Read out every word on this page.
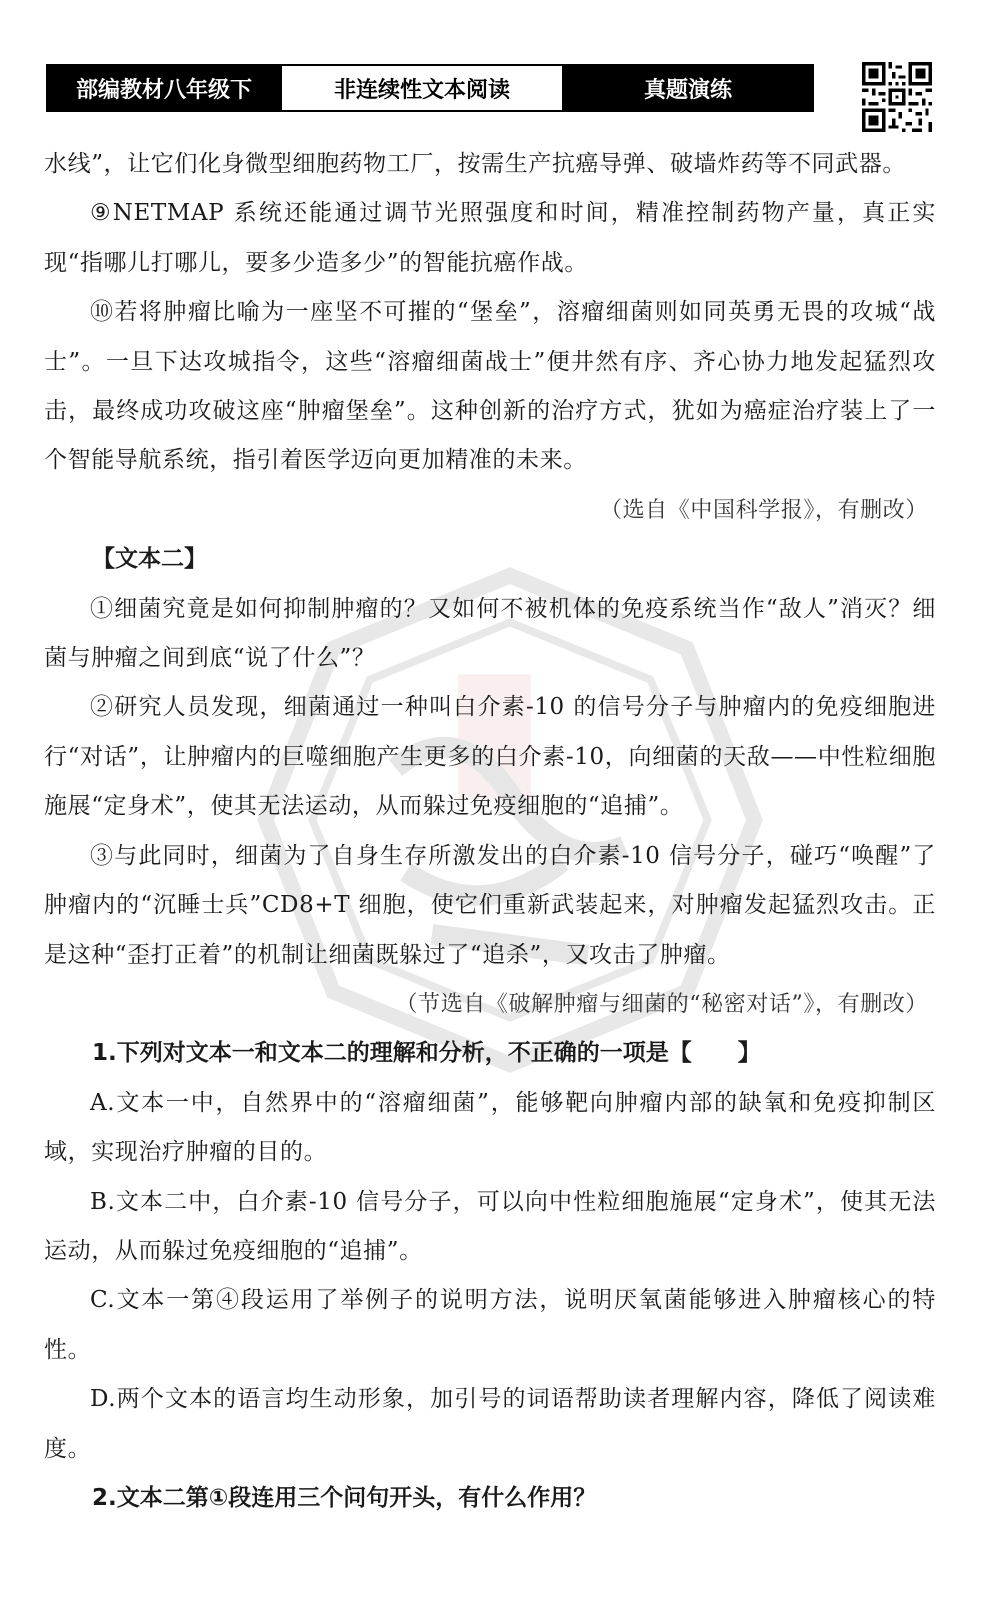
部编教材八年级下	非连续性文本阅读	真题演练

水线”，让它们化身微型细胞药物工厂，按需生产抗癌导弹、破墙炸药等不同武器。

⑨NETMAP 系统还能通过调节光照强度和时间，精准控制药物产量，真正实现“指哪儿打哪儿，要多少造多少”的智能抗癌作战。

⑩若将肿瘤比喻为一座坚不可摧的“堡垒”，溶瘤细菌则如同英勇无畏的攻城“战士”。一旦下达攻城指令，这些“溶瘤细菌战士”便井然有序、齐心协力地发起猛烈攻击，最终成功攻破这座“肿瘤堡垒”。这种创新的治疗方式，犹如为癌症治疗装上了一个智能导航系统，指引着医学迈向更加精准的未来。

（选自《中国科学报》，有删改）

【文本二】

①细菌究竟是如何抑制肿瘤的？又如何不被机体的免疫系统当作“敌人”消灭？细菌与肿瘤之间到底“说了什么”？

②研究人员发现，细菌通过一种叫白介素-10 的信号分子与肿瘤内的免疫细胞进行“对话”，让肿瘤内的巨噬细胞产生更多的白介素-10，向细菌的天敌——中性粒细胞施展“定身术”，使其无法运动，从而躲过免疫细胞的“追捕”。

③与此同时，细菌为了自身生存所激发出的白介素-10 信号分子，碰巧“唤醒”了肿瘤内的“沉睡士兵”CD8+T 细胞，使它们重新武装起来，对肿瘤发起猛烈攻击。正是这种“歪打正着”的机制让细菌既躲过了“追杀”，又攻击了肿瘤。

（节选自《破解肿瘤与细菌的“秘密对话”》，有删改）

1.下列对文本一和文本二的理解和分析，不正确的一项是【　　】

A.文本一中，自然界中的“溶瘤细菌”，能够靶向肿瘤内部的缺氧和免疫抑制区域，实现治疗肿瘤的目的。

B.文本二中，白介素-10 信号分子，可以向中性粒细胞施展“定身术”，使其无法运动，从而躲过免疫细胞的“追捕”。

C.文本一第④段运用了举例子的说明方法，说明厌氧菌能够进入肿瘤核心的特性。

D.两个文本的语言均生动形象，加引号的词语帮助读者理解内容，降低了阅读难度。

2.文本二第①段连用三个问句开头，有什么作用？
